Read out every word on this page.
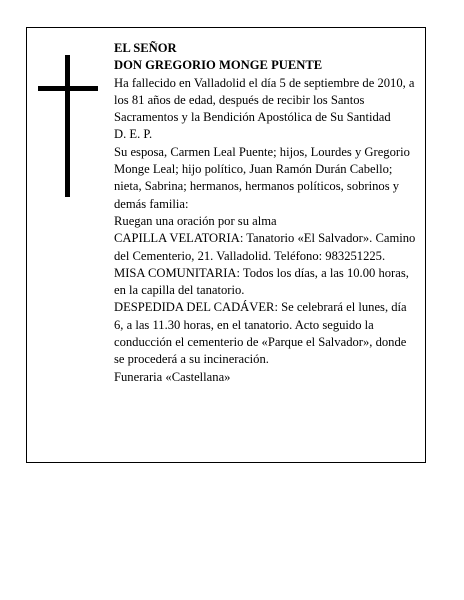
EL SEÑOR

DON GREGORIO MONGE PUENTE

Ha fallecido en Valladolid el día 5 de septiembre de 2010, a los 81 años de edad, después de recibir los Santos Sacramentos y la Bendición Apostólica de Su Santidad

D. E. P.

Su esposa, Carmen Leal Puente; hijos, Lourdes y Gregorio Monge Leal; hijo político, Juan Ramón Durán Cabello; nieta, Sabrina; hermanos, hermanos políticos, sobrinos y demás familia:

Ruegan una oración por su alma

CAPILLA VELATORIA: Tanatorio «El Salvador». Camino del Cementerio, 21. Valladolid. Teléfono: 983251225.

MISA COMUNITARIA: Todos los días, a las 10.00 horas, en la capilla del tanatorio.

DESPEDIDA DEL CADÁVER: Se celebrará el lunes, día 6, a las 11.30 horas, en el tanatorio. Acto seguido la conducción el cementerio de «Parque el Salvador», donde se procederá a su incineración.

Funeraria «Castellana»
